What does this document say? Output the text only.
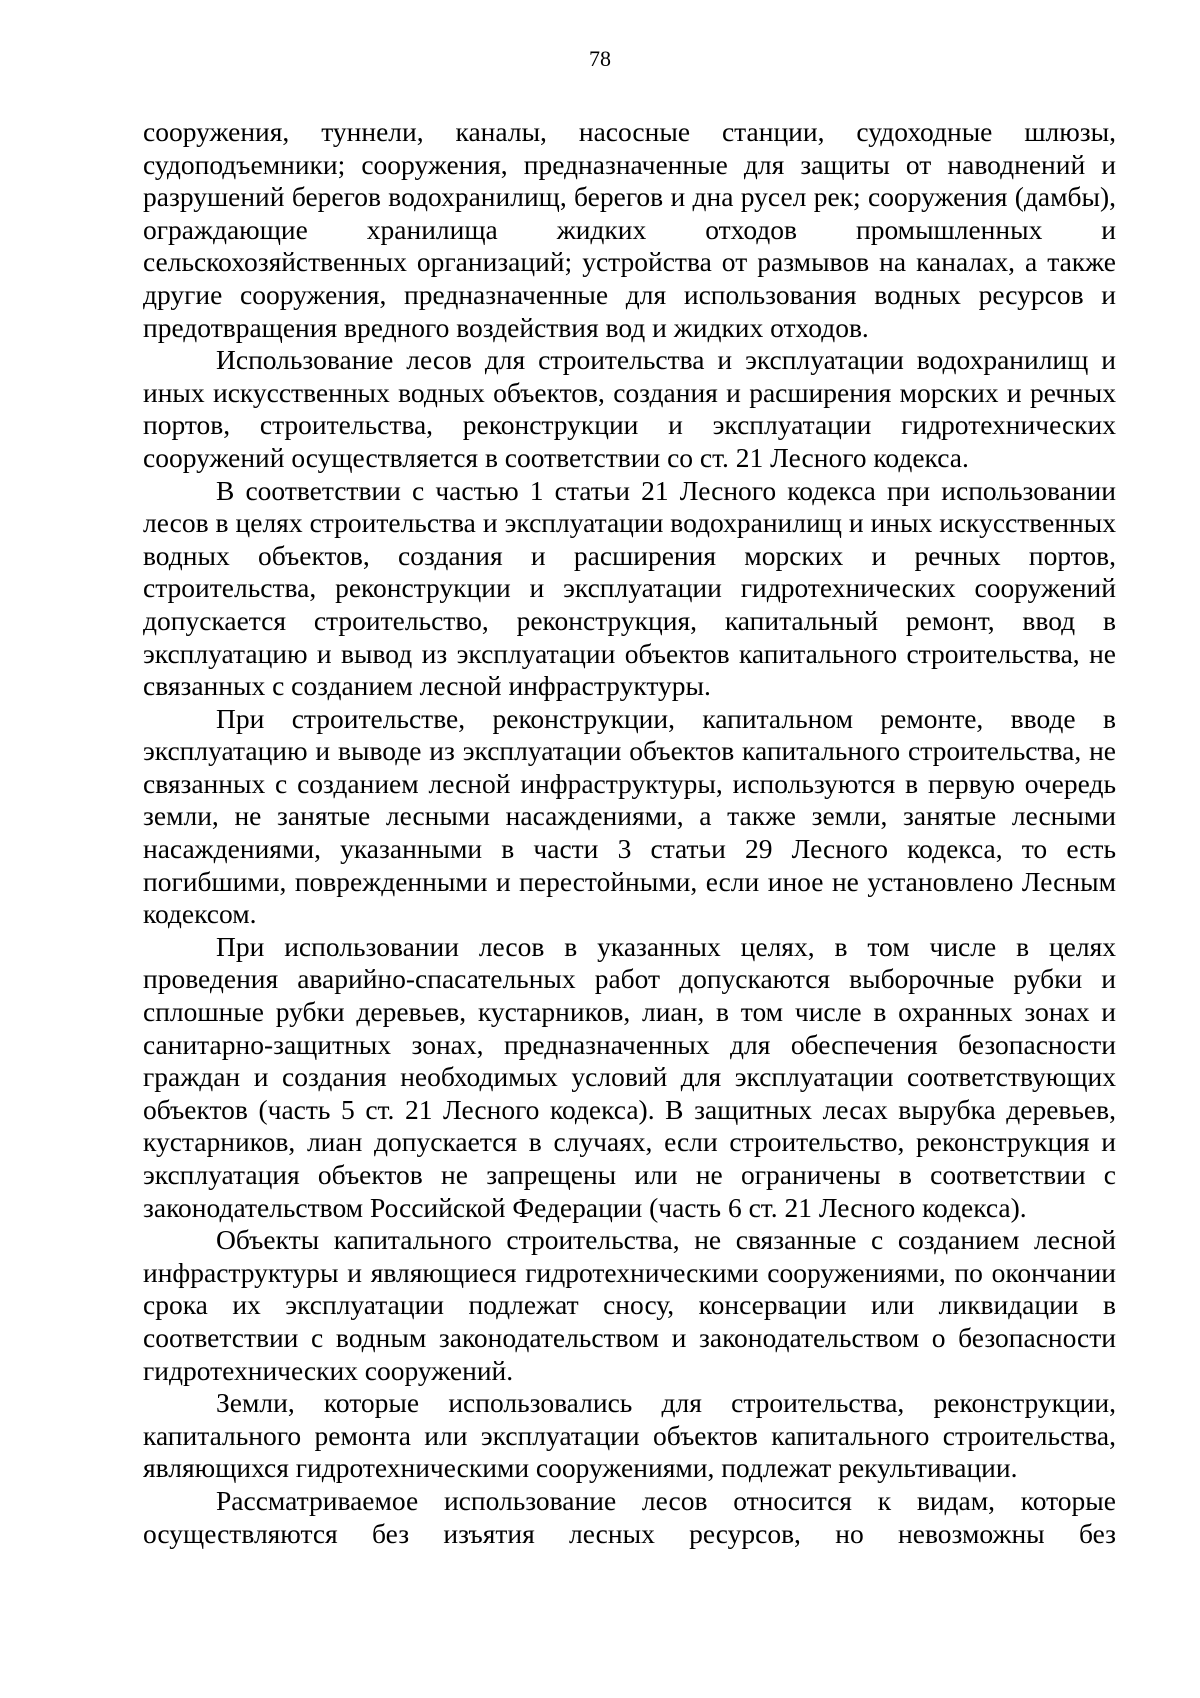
78

сооружения, туннели, каналы, насосные станции, судоходные шлюзы, судоподъемники; сооружения, предназначенные для защиты от наводнений и разрушений берегов водохранилищ, берегов и дна русел рек; сооружения (дамбы), ограждающие хранилища жидких отходов промышленных и сельскохозяйственных организаций; устройства от размывов на каналах, а также другие сооружения, предназначенные для использования водных ресурсов и предотвращения вредного воздействия вод и жидких отходов.

Использование лесов для строительства и эксплуатации водохранилищ и иных искусственных водных объектов, создания и расширения морских и речных портов, строительства, реконструкции и эксплуатации гидротехнических сооружений осуществляется в соответствии со ст. 21 Лесного кодекса.

В соответствии с частью 1 статьи 21 Лесного кодекса при использовании лесов в целях строительства и эксплуатации водохранилищ и иных искусственных водных объектов, создания и расширения морских и речных портов, строительства, реконструкции и эксплуатации гидротехнических сооружений допускается строительство, реконструкция, капитальный ремонт, ввод в эксплуатацию и вывод из эксплуатации объектов капитального строительства, не связанных с созданием лесной инфраструктуры.

При строительстве, реконструкции, капитальном ремонте, вводе в эксплуатацию и выводе из эксплуатации объектов капитального строительства, не связанных с созданием лесной инфраструктуры, используются в первую очередь земли, не занятые лесными насаждениями, а также земли, занятые лесными насаждениями, указанными в части 3 статьи 29 Лесного кодекса, то есть погибшими, поврежденными и перестойными, если иное не установлено Лесным кодексом.

При использовании лесов в указанных целях, в том числе в целях проведения аварийно-спасательных работ допускаются выборочные рубки и сплошные рубки деревьев, кустарников, лиан, в том числе в охранных зонах и санитарно-защитных зонах, предназначенных для обеспечения безопасности граждан и создания необходимых условий для эксплуатации соответствующих объектов (часть 5 ст. 21 Лесного кодекса). В защитных лесах вырубка деревьев, кустарников, лиан допускается в случаях, если строительство, реконструкция и эксплуатация объектов не запрещены или не ограничены в соответствии с законодательством Российской Федерации (часть 6 ст. 21 Лесного кодекса).

Объекты капитального строительства, не связанные с созданием лесной инфраструктуры и являющиеся гидротехническими сооружениями, по окончании срока их эксплуатации подлежат сносу, консервации или ликвидации в соответствии с водным законодательством и законодательством о безопасности гидротехнических сооружений.

Земли, которые использовались для строительства, реконструкции, капитального ремонта или эксплуатации объектов капитального строительства, являющихся гидротехническими сооружениями, подлежат рекультивации.

Рассматриваемое использование лесов относится к видам, которые осуществляются без изъятия лесных ресурсов, но невозможны без
